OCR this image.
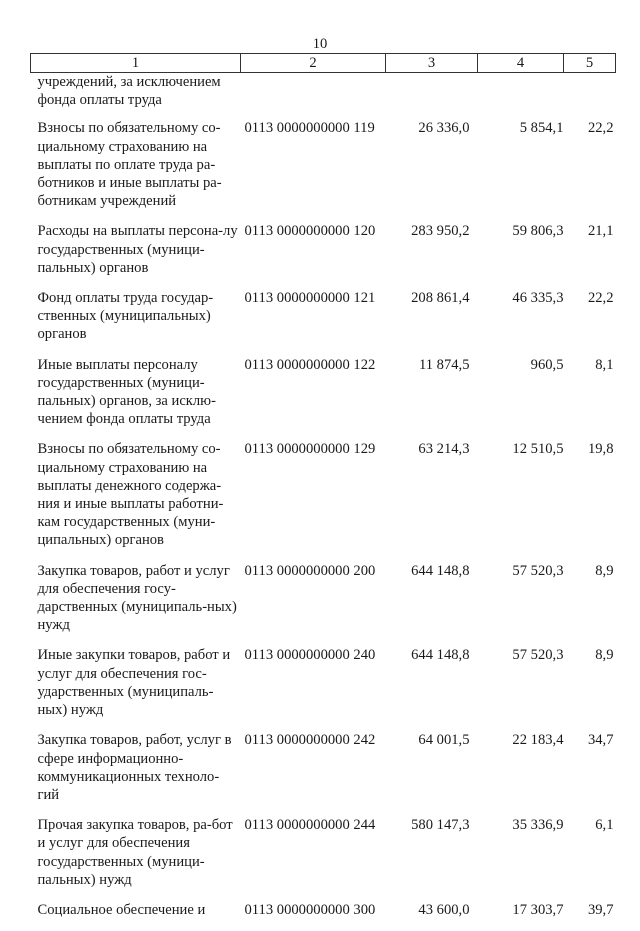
10
1	2	3	4	5
учреждений, за исключением фонда оплаты труда				
Взносы по обязательному со-циальному страхованию на выплаты по оплате труда ра-ботников и иные выплаты ра-ботникам учреждений	0113 0000000000 119	26 336,0	5 854,1	22,2
Расходы на выплаты персона-лу государственных (муници-пальных) органов	0113 0000000000 120	283 950,2	59 806,3	21,1
Фонд оплаты труда государ-ственных (муниципальных) органов	0113 0000000000 121	208 861,4	46 335,3	22,2
Иные выплаты персоналу государственных (муници-пальных) органов, за исклю-чением фонда оплаты труда	0113 0000000000 122	11 874,5	960,5	8,1
Взносы по обязательному со-циальному страхованию на выплаты денежного содержа-ния и иные выплаты работни-кам государственных (муни-ципальных) органов	0113 0000000000 129	63 214,3	12 510,5	19,8
Закупка товаров, работ и услуг для обеспечения госу-дарственных (муниципаль-ных) нужд	0113 0000000000 200	644 148,8	57 520,3	8,9
Иные закупки товаров, работ и услуг для обеспечения гос-ударственных (муниципаль-ных) нужд	0113 0000000000 240	644 148,8	57 520,3	8,9
Закупка товаров, работ, услуг в сфере информационно-коммуникационных техноло-гий	0113 0000000000 242	64 001,5	22 183,4	34,7
Прочая закупка товаров, ра-бот и услуг для обеспечения государственных (муници-пальных) нужд	0113 0000000000 244	580 147,3	35 336,9	6,1
Социальное обеспечение и	0113 0000000000 300	43 600,0	17 303,7	39,7
